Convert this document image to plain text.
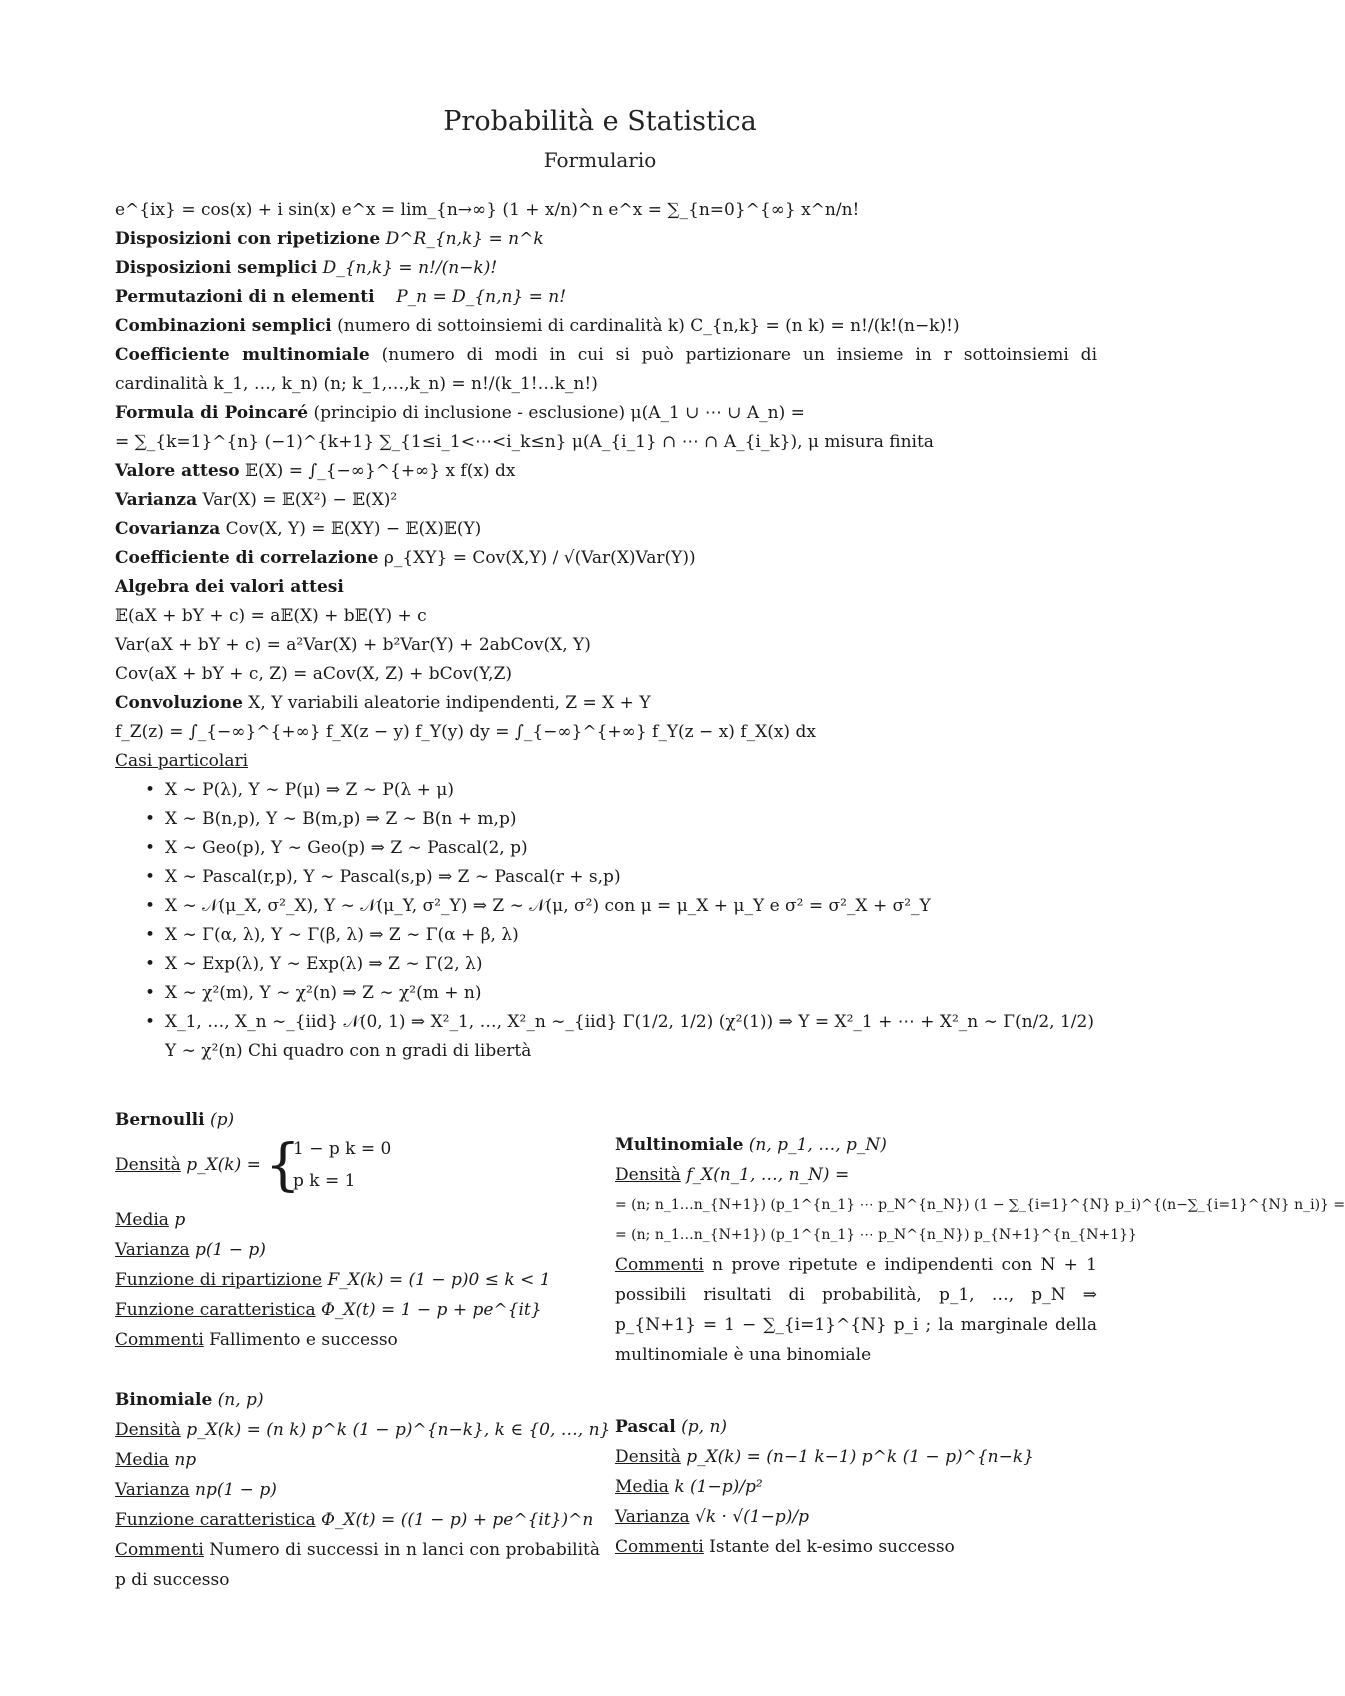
Probabilità e Statistica
Formulario
e^{ix} = cos(x) + i sin(x) e^x = lim_{n→∞} (1 + x/n)^n e^x = ∑_{n=0}^{∞} x^n/n!
Disposizioni con ripetizione D^R_{n,k} = n^k
Disposizioni semplici D_{n,k} = n!/(n−k)!
Permutazioni di n elementi P_n = D_{n,n} = n!
Combinazioni semplici (numero di sottoinsiemi di cardinalità k) C_{n,k} = (n k) = n!/(k!(n−k)!)
Coefficiente multinomiale (numero di modi in cui si può partizionare un insieme in r sottoinsiemi di cardinalità k_1, …, k_n) (n; k_1,…,k_n) = n!/(k_1!…k_n!)
Formula di Poincaré (principio di inclusione - esclusione) μ(A_1 ∪ ⋯ ∪ A_n) =
= ∑_{k=1}^{n} (−1)^{k+1} ∑_{1≤i_1<⋯<i_k≤n} μ(A_{i_1} ∩ ⋯ ∩ A_{i_k}), μ misura finita
Valore atteso 𝔼(X) = ∫_{−∞}^{+∞} x f(x) dx
Varianza Var(X) = 𝔼(X²) − 𝔼(X)²
Covarianza Cov(X, Y) = 𝔼(XY) − 𝔼(X)𝔼(Y)
Coefficiente di correlazione ρ_{XY} = Cov(X,Y) / √(Var(X)Var(Y))
Algebra dei valori attesi
𝔼(aX + bY + c) = a𝔼(X) + b𝔼(Y) + c
Var(aX + bY + c) = a²Var(X) + b²Var(Y) + 2abCov(X, Y)
Cov(aX + bY + c, Z) = aCov(X, Z) + bCov(Y,Z)
Convoluzione X, Y variabili aleatorie indipendenti, Z = X + Y
f_Z(z) = ∫_{−∞}^{+∞} f_X(z − y) f_Y(y) dy = ∫_{−∞}^{+∞} f_Y(z − x) f_X(x) dx
Casi particolari
• X ∼ P(λ), Y ∼ P(μ) ⇒ Z ∼ P(λ + μ)
• X ∼ B(n,p), Y ∼ B(m,p) ⇒ Z ∼ B(n + m,p)
• X ∼ Geo(p), Y ∼ Geo(p) ⇒ Z ∼ Pascal(2, p)
• X ∼ Pascal(r,p), Y ∼ Pascal(s,p) ⇒ Z ∼ Pascal(r + s,p)
• X ∼ 𝒩(μ_X, σ²_X), Y ∼ 𝒩(μ_Y, σ²_Y) ⇒ Z ∼ 𝒩(μ, σ²) con μ = μ_X + μ_Y e σ² = σ²_X + σ²_Y
• X ∼ Γ(α, λ), Y ∼ Γ(β, λ) ⇒ Z ∼ Γ(α + β, λ)
• X ∼ Exp(λ), Y ∼ Exp(λ) ⇒ Z ∼ Γ(2, λ)
• X ∼ χ²(m), Y ∼ χ²(n) ⇒ Z ∼ χ²(m + n)
• X_1, …, X_n ∼_{iid} 𝒩(0, 1) ⇒ X²_1, …, X²_n ∼_{iid} Γ(1/2, 1/2) (χ²(1)) ⇒ Y = X²_1 + ⋯ + X²_n ∼ Γ(n/2, 1/2)
Y ∼ χ²(n) Chi quadro con n gradi di libertà
Bernoulli (p)
Densità p_X(k) = {
1 − p k = 0
p k = 1
Media p
Varianza p(1 − p)
Funzione di ripartizione F_X(k) = (1 − p)0 ≤ k < 1
Funzione caratteristica Φ_X(t) = 1 − p + pe^{it}
Commenti Fallimento e successo
Binomiale (n, p)
Densità p_X(k) = (n k) p^k (1 − p)^{n−k}, k ∈ {0, …, n}
Media np
Varianza np(1 − p)
Funzione caratteristica Φ_X(t) = ((1 − p) + pe^{it})^n
Commenti Numero di successi in n lanci con probabilità p di successo
Multinomiale (n, p_1, …, p_N)
Densità f_X(n_1, …, n_N) =
= (n; n_1…n_{N+1}) (p_1^{n_1} ⋯ p_N^{n_N}) (1 − ∑_{i=1}^{N} p_i)^{(n−∑_{i=1}^{N} n_i)} =
= (n; n_1…n_{N+1}) (p_1^{n_1} ⋯ p_N^{n_N}) p_{N+1}^{n_{N+1}}
Commenti n prove ripetute e indipendenti con N + 1 possibili risultati di probabilità, p_1, …, p_N ⇒ p_{N+1} = 1 − ∑_{i=1}^{N} p_i ; la marginale della multinomiale è una binomiale
Pascal (p, n)
Densità p_X(k) = (n−1 k−1) p^k (1 − p)^{n−k}
Media k (1−p)/p²
Varianza √k · √(1−p)/p
Commenti Istante del k-esimo successo
